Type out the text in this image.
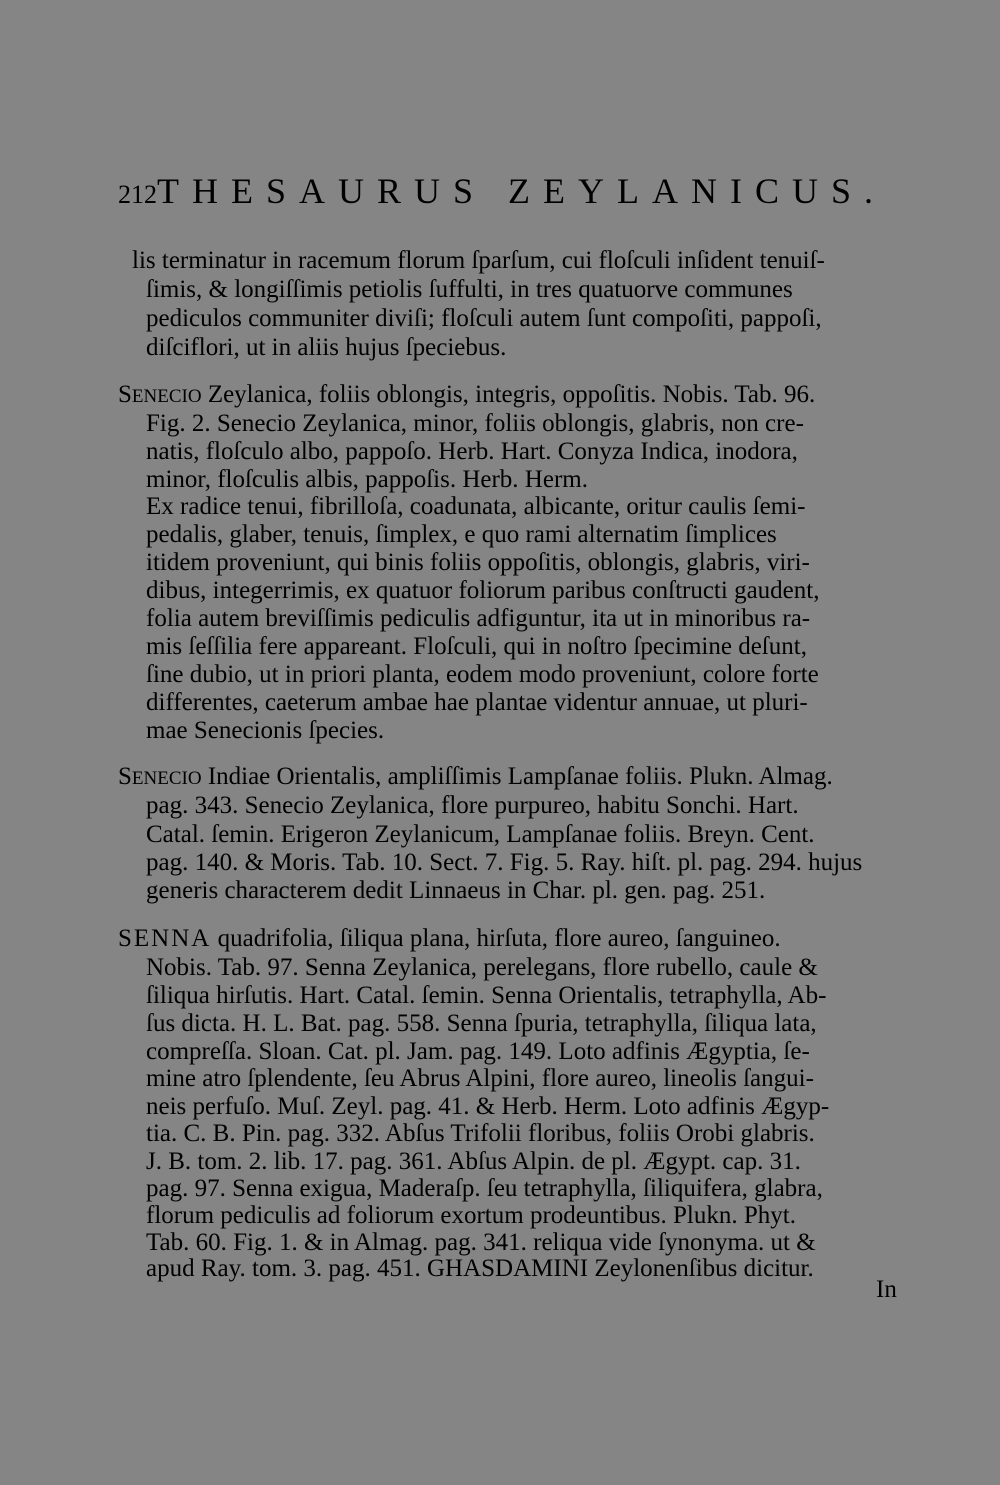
212 THESAURUS ZEYLANICUS.
lis terminatur in racemum florum ſparſum, cui floſculi inſident tenuiſ-
ſimis, & longiſſimis petiolis ſuffulti, in tres quatuorve communes
pediculos communiter diviſi; floſculi autem ſunt compoſiti, pappoſi,
diſciflori, ut in aliis hujus ſpeciebus.
SENECIO Zeylanica, foliis oblongis, integris, oppoſitis. Nobis. Tab. 96.
Fig. 2. Senecio Zeylanica, minor, foliis oblongis, glabris, non cre-
natis, floſculo albo, pappoſo. Herb. Hart. Conyza Indica, inodora,
minor, floſculis albis, pappoſis. Herb. Herm.
Ex radice tenui, fibrilloſa, coadunata, albicante, oritur caulis ſemi-
pedalis, glaber, tenuis, ſimplex, e quo rami alternatim ſimplices
itidem proveniunt, qui binis foliis oppoſitis, oblongis, glabris, viri-
dibus, integerrimis, ex quatuor foliorum paribus conſtructi gaudent,
folia autem breviſſimis pediculis adfiguntur, ita ut in minoribus ra-
mis ſeſſilia fere appareant. Floſculi, qui in noſtro ſpecimine deſunt,
ſine dubio, ut in priori planta, eodem modo proveniunt, colore forte
differentes, caeterum ambae hae plantae videntur annuae, ut pluri-
mae Senecionis ſpecies.
SENECIO Indiae Orientalis, ampliſſimis Lampſanae foliis. Plukn. Almag.
pag. 343. Senecio Zeylanica, flore purpureo, habitu Sonchi. Hart.
Catal. ſemin. Erigeron Zeylanicum, Lampſanae foliis. Breyn. Cent.
pag. 140. & Moris. Tab. 10. Sect. 7. Fig. 5. Ray. hiſt. pl. pag. 294. hujus
generis characterem dedit Linnaeus in Char. pl. gen. pag. 251.
SENNA quadrifolia, ſiliqua plana, hirſuta, flore aureo, ſanguineo.
Nobis. Tab. 97. Senna Zeylanica, perelegans, flore rubello, caule &
ſiliqua hirſutis. Hart. Catal. ſemin. Senna Orientalis, tetraphylla, Ab-
ſus dicta. H. L. Bat. pag. 558. Senna ſpuria, tetraphylla, ſiliqua lata,
compreſſa. Sloan. Cat. pl. Jam. pag. 149. Loto adfinis Ægyptia, ſe-
mine atro ſplendente, ſeu Abrus Alpini, flore aureo, lineolis ſangui-
neis perfuſo. Muſ. Zeyl. pag. 41. & Herb. Herm. Loto adfinis Ægyp-
tia. C. B. Pin. pag. 332. Abſus Trifolii floribus, foliis Orobi glabris.
J. B. tom. 2. lib. 17. pag. 361. Abſus Alpin. de pl. Ægypt. cap. 31.
pag. 97. Senna exigua, Maderaſp. ſeu tetraphylla, ſiliquifera, glabra,
florum pediculis ad foliorum exortum prodeuntibus. Plukn. Phyt.
Tab. 60. Fig. 1. & in Almag. pag. 341. reliqua vide ſynonyma. ut &
apud Ray. tom. 3. pag. 451. GHASDAMINI Zeylonenſibus dicitur.
In
